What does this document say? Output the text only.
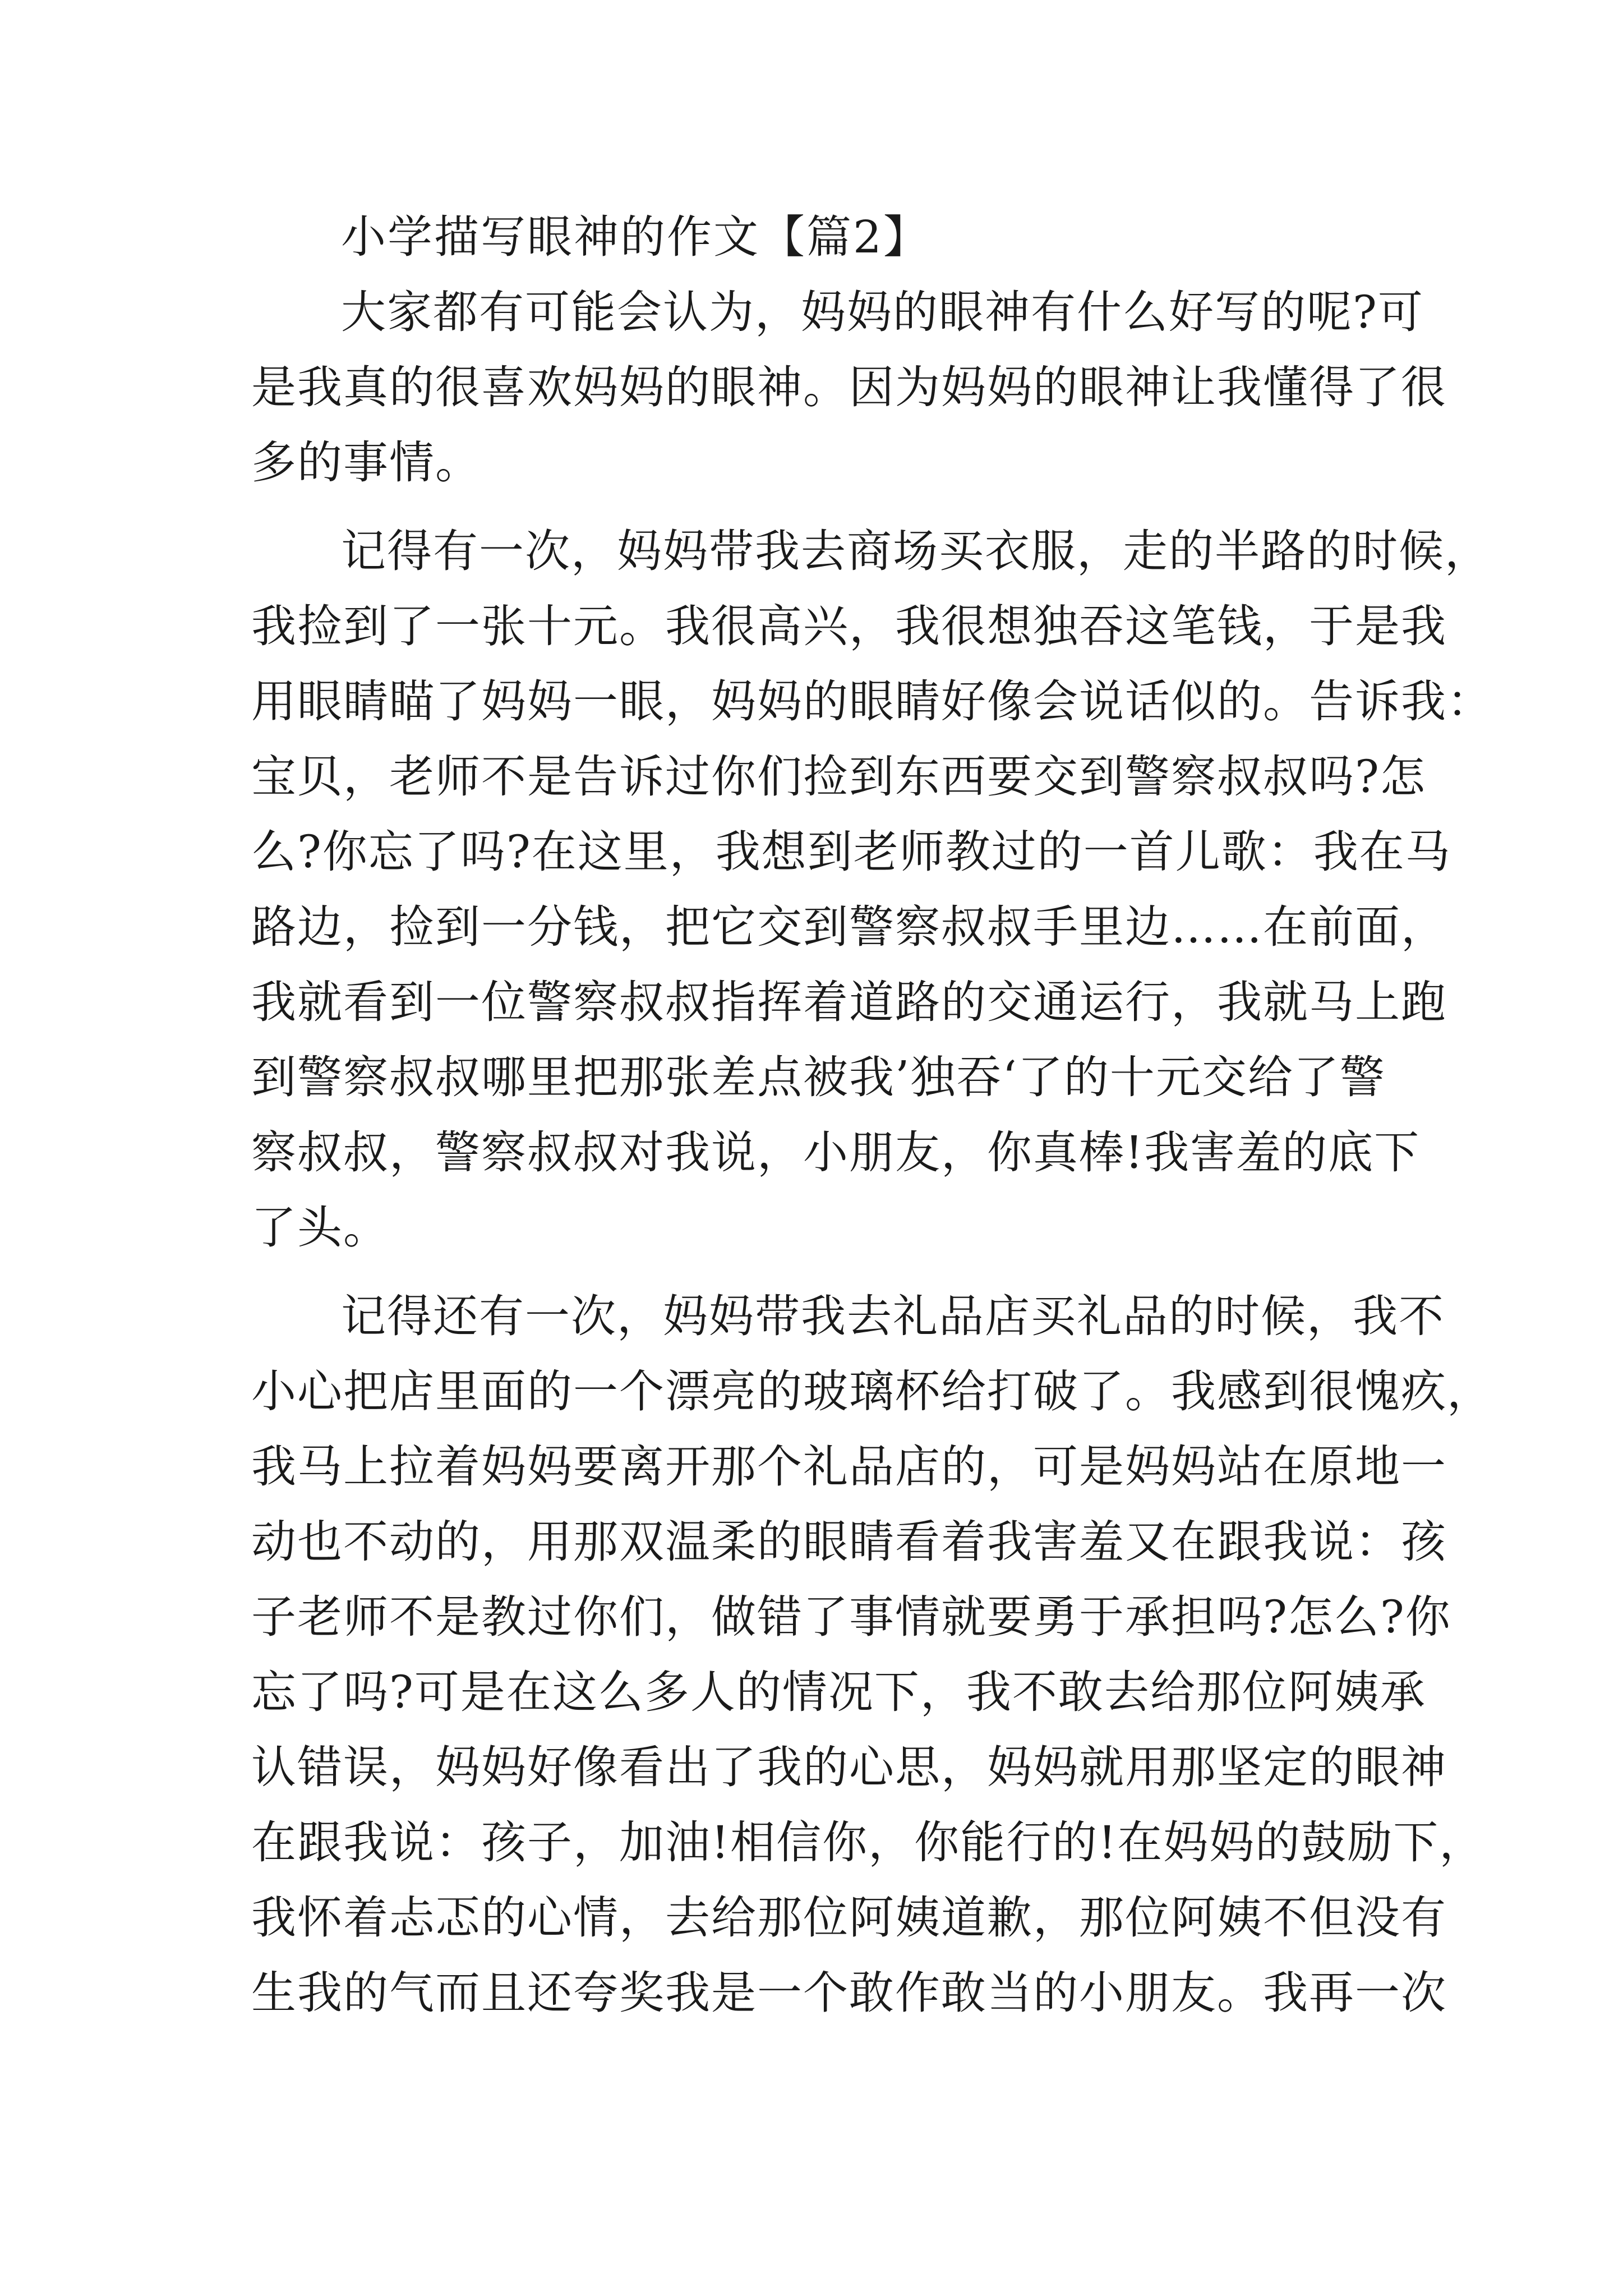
小学描写眼神的作文【篇2】
大家都有可能会认为，妈妈的眼神有什么好写的呢?可
是我真的很喜欢妈妈的眼神。因为妈妈的眼神让我懂得了很
多的事情。
记得有一次，妈妈带我去商场买衣服，走的半路的时候，
我捡到了一张十元。我很高兴，我很想独吞这笔钱，于是我
用眼睛瞄了妈妈一眼，妈妈的眼睛好像会说话似的。告诉我：
宝贝，老师不是告诉过你们捡到东西要交到警察叔叔吗?怎
么?你忘了吗?在这里，我想到老师教过的一首儿歌：我在马
路边，捡到一分钱，把它交到警察叔叔手里边……在前面，
我就看到一位警察叔叔指挥着道路的交通运行，我就马上跑
到警察叔叔哪里把那张差点被我’独吞‘了的十元交给了警
察叔叔，警察叔叔对我说，小朋友，你真棒!我害羞的底下
了头。
记得还有一次，妈妈带我去礼品店买礼品的时候，我不
小心把店里面的一个漂亮的玻璃杯给打破了。我感到很愧疚，
我马上拉着妈妈要离开那个礼品店的，可是妈妈站在原地一
动也不动的，用那双温柔的眼睛看着我害羞又在跟我说：孩
子老师不是教过你们，做错了事情就要勇于承担吗?怎么?你
忘了吗?可是在这么多人的情况下，我不敢去给那位阿姨承
认错误，妈妈好像看出了我的心思，妈妈就用那坚定的眼神
在跟我说：孩子，加油!相信你，你能行的!在妈妈的鼓励下，
我怀着忐忑的心情，去给那位阿姨道歉，那位阿姨不但没有
生我的气而且还夸奖我是一个敢作敢当的小朋友。我再一次
